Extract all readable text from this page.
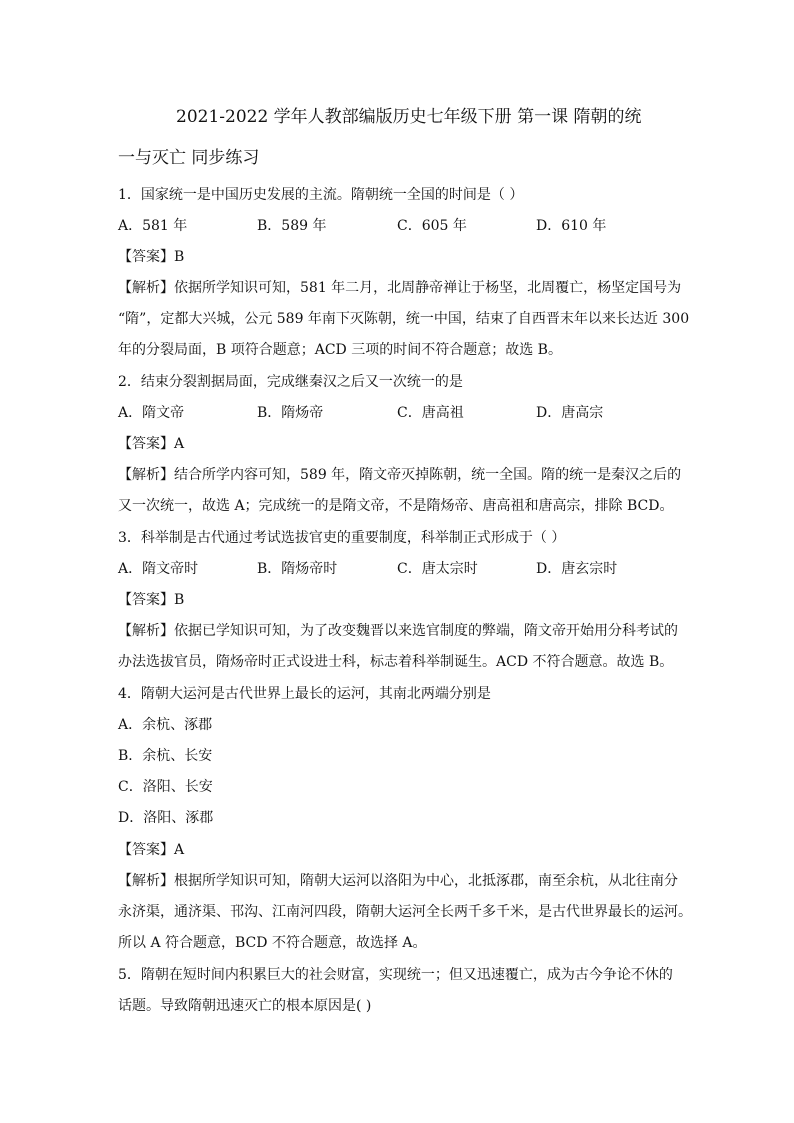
2021-2022 学年人教部编版历史七年级下册 第一课 隋朝的统
一与灭亡 同步练习
1．国家统一是中国历史发展的主流。隋朝统一全国的时间是（ ）
A．581 年	B．589 年	C．605 年	D．610 年
【答案】B
【解析】依据所学知识可知，581 年二月，北周静帝禅让于杨坚，北周覆亡，杨坚定国号为
“隋”，定都大兴城，公元 589 年南下灭陈朝，统一中国，结束了自西晋末年以来长达近 300
年的分裂局面，B 项符合题意；ACD 三项的时间不符合题意；故选 B。
2．结束分裂割据局面，完成继秦汉之后又一次统一的是
A．隋文帝	B．隋炀帝	C．唐高祖	D．唐高宗
【答案】A
【解析】结合所学内容可知，589 年，隋文帝灭掉陈朝，统一全国。隋的统一是秦汉之后的
又一次统一，故选 A；完成统一的是隋文帝，不是隋炀帝、唐高祖和唐高宗，排除 BCD。
3．科举制是古代通过考试选拔官吏的重要制度，科举制正式形成于（ ）
A．隋文帝时	B．隋炀帝时	C．唐太宗时	D．唐玄宗时
【答案】B
【解析】依据已学知识可知，为了改变魏晋以来选官制度的弊端，隋文帝开始用分科考试的
办法选拔官员，隋炀帝时正式设进士科，标志着科举制诞生。ACD 不符合题意。故选 B。
4．隋朝大运河是古代世界上最长的运河，其南北两端分别是
A．余杭、涿郡
B．余杭、长安
C．洛阳、长安
D．洛阳、涿郡
【答案】A
【解析】根据所学知识可知，隋朝大运河以洛阳为中心，北抵涿郡，南至余杭，从北往南分
永济渠，通济渠、邗沟、江南河四段，隋朝大运河全长两千多千米，是古代世界最长的运河。
所以 A 符合题意，BCD 不符合题意，故选择 A。
5．隋朝在短时间内积累巨大的社会财富，实现统一；但又迅速覆亡，成为古今争论不休的
话题。导致隋朝迅速灭亡的根本原因是( )
